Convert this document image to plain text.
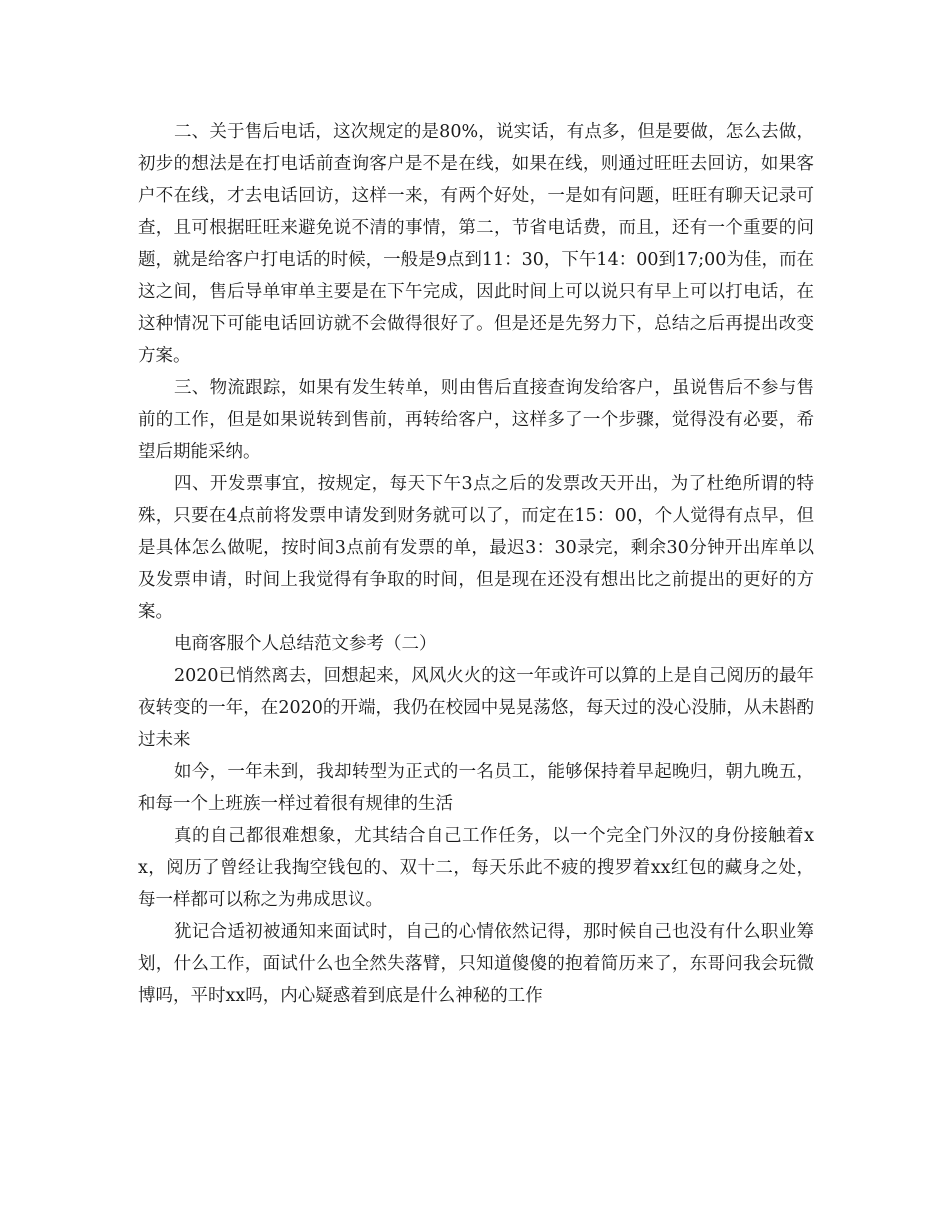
二、关于售后电话，这次规定的是80%，说实话，有点多，但是要做，怎么去做，初步的想法是在打电话前查询客户是不是在线，如果在线，则通过旺旺去回访，如果客户不在线，才去电话回访，这样一来，有两个好处，一是如有问题，旺旺有聊天记录可查，且可根据旺旺来避免说不清的事情，第二，节省电话费，而且，还有一个重要的问题，就是给客户打电话的时候，一般是9点到11：30，下午14：00到17;00为佳，而在这之间，售后导单审单主要是在下午完成，因此时间上可以说只有早上可以打电话，在这种情况下可能电话回访就不会做得很好了。但是还是先努力下，总结之后再提出改变方案。

三、物流跟踪，如果有发生转单，则由售后直接查询发给客户，虽说售后不参与售前的工作，但是如果说转到售前，再转给客户，这样多了一个步骤，觉得没有必要，希望后期能采纳。

四、开发票事宜，按规定，每天下午3点之后的发票改天开出，为了杜绝所谓的特殊，只要在4点前将发票申请发到财务就可以了，而定在15：00，个人觉得有点早，但是具体怎么做呢，按时间3点前有发票的单，最迟3：30录完，剩余30分钟开出库单以及发票申请，时间上我觉得有争取的时间，但是现在还没有想出比之前提出的更好的方案。

电商客服个人总结范文参考（二）

2020已悄然离去，回想起来，风风火火的这一年或许可以算的上是自己阅历的最年夜转变的一年，在2020的开端，我仍在校园中晃晃荡悠，每天过的没心没肺，从未斟酌过未来

如今，一年未到，我却转型为正式的一名员工，能够保持着早起晚归，朝九晚五，和每一个上班族一样过着很有规律的生活

真的自己都很难想象，尤其结合自己工作任务，以一个完全门外汉的身份接触着xx，阅历了曾经让我掏空钱包的、双十二，每天乐此不疲的搜罗着xx红包的藏身之处，每一样都可以称之为弗成思议。

犹记合适初被通知来面试时，自己的心情依然记得，那时候自己也没有什么职业筹划，什么工作，面试什么也全然失落臂，只知道傻傻的抱着简历来了，东哥问我会玩微博吗，平时xx吗，内心疑惑着到底是什么神秘的工作
